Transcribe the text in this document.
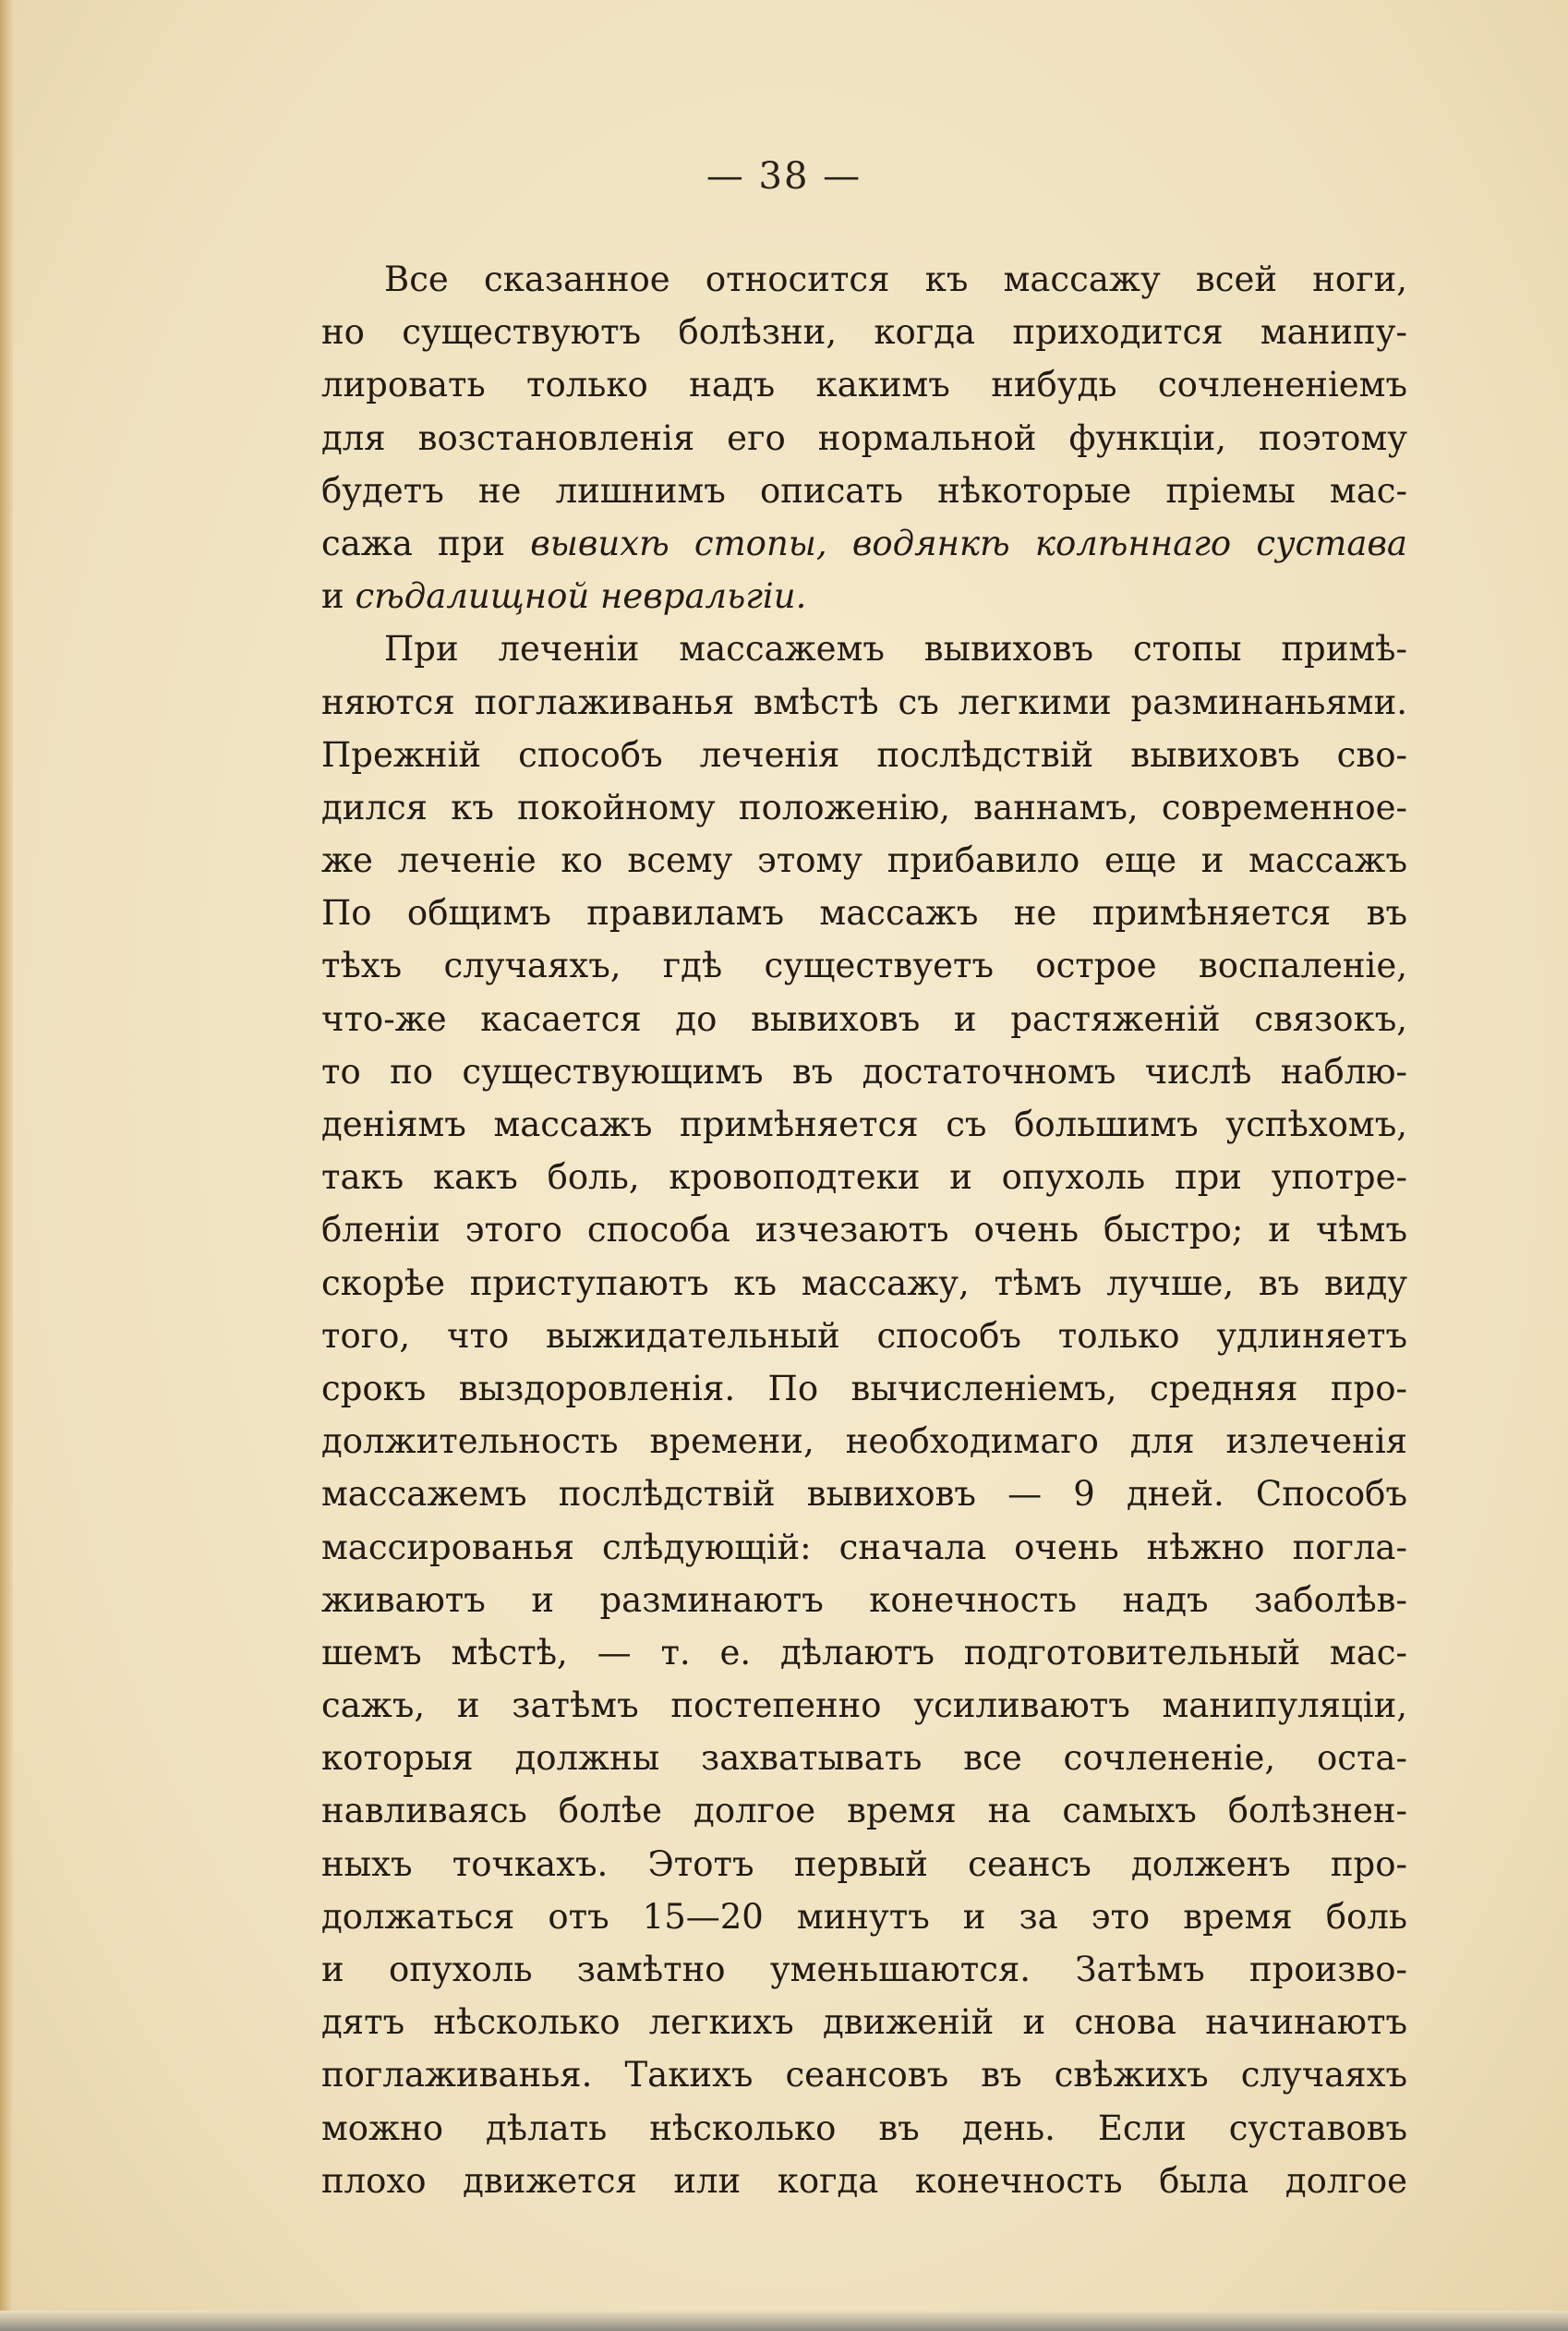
— 38 —
Все сказанное относится къ массажу всей ноги,
но существуютъ болѣзни, когда приходится манипу-
лировать только надъ какимъ нибудь сочлененіемъ
для возстановленія его нормальной функціи, поэтому
будетъ не лишнимъ описать нѣкоторые пріемы мас-
сажа при вывихѣ стопы, водянкѣ колѣннаго сустава
и сѣдалищной невральгіи.
При леченіи массажемъ вывиховъ стопы примѣ-
няются поглаживанья вмѣстѣ съ легкими разминаньями.
Прежній способъ леченія послѣдствій вывиховъ сво-
дился къ покойному положенію, ваннамъ, современное-
же леченіе ко всему этому прибавило еще и массажъ
По общимъ правиламъ массажъ не примѣняется въ
тѣхъ случаяхъ, гдѣ существуетъ острое воспаленіе,
что-же касается до вывиховъ и растяженій связокъ,
то по существующимъ въ достаточномъ числѣ наблю-
деніямъ массажъ примѣняется съ большимъ успѣхомъ,
такъ какъ боль, кровоподтеки и опухоль при употре-
бленіи этого способа изчезаютъ очень быстро; и чѣмъ
скорѣе приступаютъ къ массажу, тѣмъ лучше, въ виду
того, что выжидательный способъ только удлиняетъ
срокъ выздоровленія. По вычисленіемъ, средняя про-
должительность времени, необходимаго для излеченія
массажемъ послѣдствій вывиховъ — 9 дней. Способъ
массированья слѣдующій: сначала очень нѣжно погла-
живаютъ и разминаютъ конечность надъ заболѣв-
шемъ мѣстѣ, — т. е. дѣлаютъ подготовительный мас-
сажъ, и затѣмъ постепенно усиливаютъ манипуляціи,
которыя должны захватывать все сочлененіе, оста-
навливаясь болѣе долгое время на самыхъ болѣзнен-
ныхъ точкахъ. Этотъ первый сеансъ долженъ про-
должаться отъ 15—20 минутъ и за это время боль
и опухоль замѣтно уменьшаются. Затѣмъ произво-
дятъ нѣсколько легкихъ движеній и снова начинаютъ
поглаживанья. Такихъ сеансовъ въ свѣжихъ случаяхъ
можно дѣлать нѣсколько въ день. Если суставовъ
плохо движется или когда конечность была долгое
